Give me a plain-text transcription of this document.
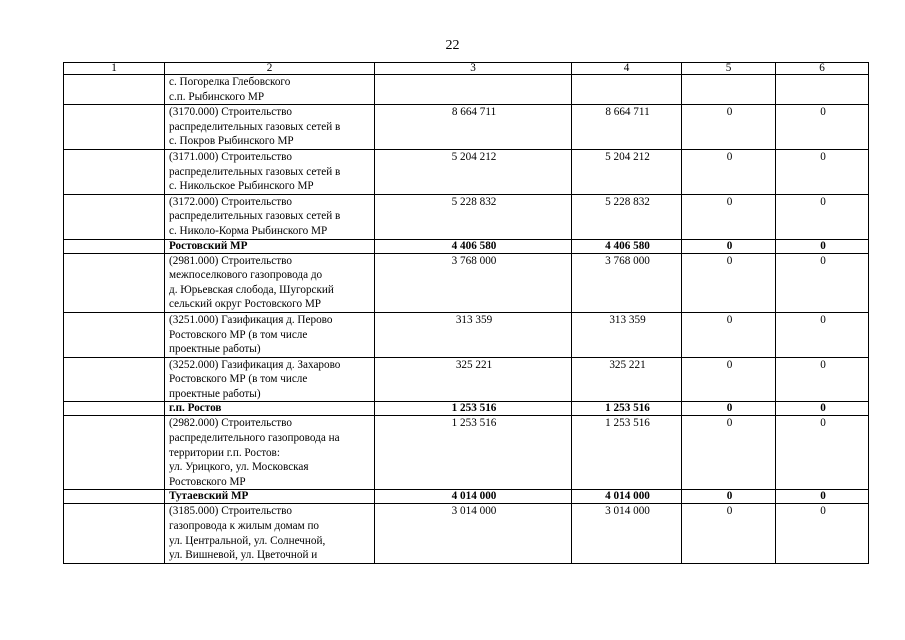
22
1	2	3	4	5	6

	с. Погорелка Глебовского
с.п. Рыбинского МР				

	(3170.000) Строительство
распределительных газовых сетей в
с. Покров Рыбинского МР	8 664 711	8 664 711	0	0

	(3171.000) Строительство
распределительных газовых сетей в
с. Никольское Рыбинского МР	5 204 212	5 204 212	0	0

	(3172.000) Строительство
распределительных газовых сетей в
с. Николо-Корма Рыбинского МР	5 228 832	5 228 832	0	0

	Ростовский МР	4 406 580	4 406 580	0	0

	(2981.000) Строительство
межпоселкового газопровода до
д. Юрьевская слобода, Шугорский
сельский округ Ростовского МР	3 768 000	3 768 000	0	0

	(3251.000) Газификация д. Перово
Ростовского МР (в том числе
проектные работы)	313 359	313 359	0	0

	(3252.000) Газификация д. Захарово
Ростовского МР (в том числе
проектные работы)	325 221	325 221	0	0

	г.п. Ростов	1 253 516	1 253 516	0	0

	(2982.000) Строительство
распределительного газопровода на
территории г.п. Ростов:
ул. Урицкого, ул. Московская
Ростовского МР	1 253 516	1 253 516	0	0

	Тутаевский МР	4 014 000	4 014 000	0	0

	(3185.000) Строительство
газопровода к жилым домам по
ул. Центральной, ул. Солнечной,
ул. Вишневой, ул. Цветочной и	3 014 000	3 014 000	0	0
